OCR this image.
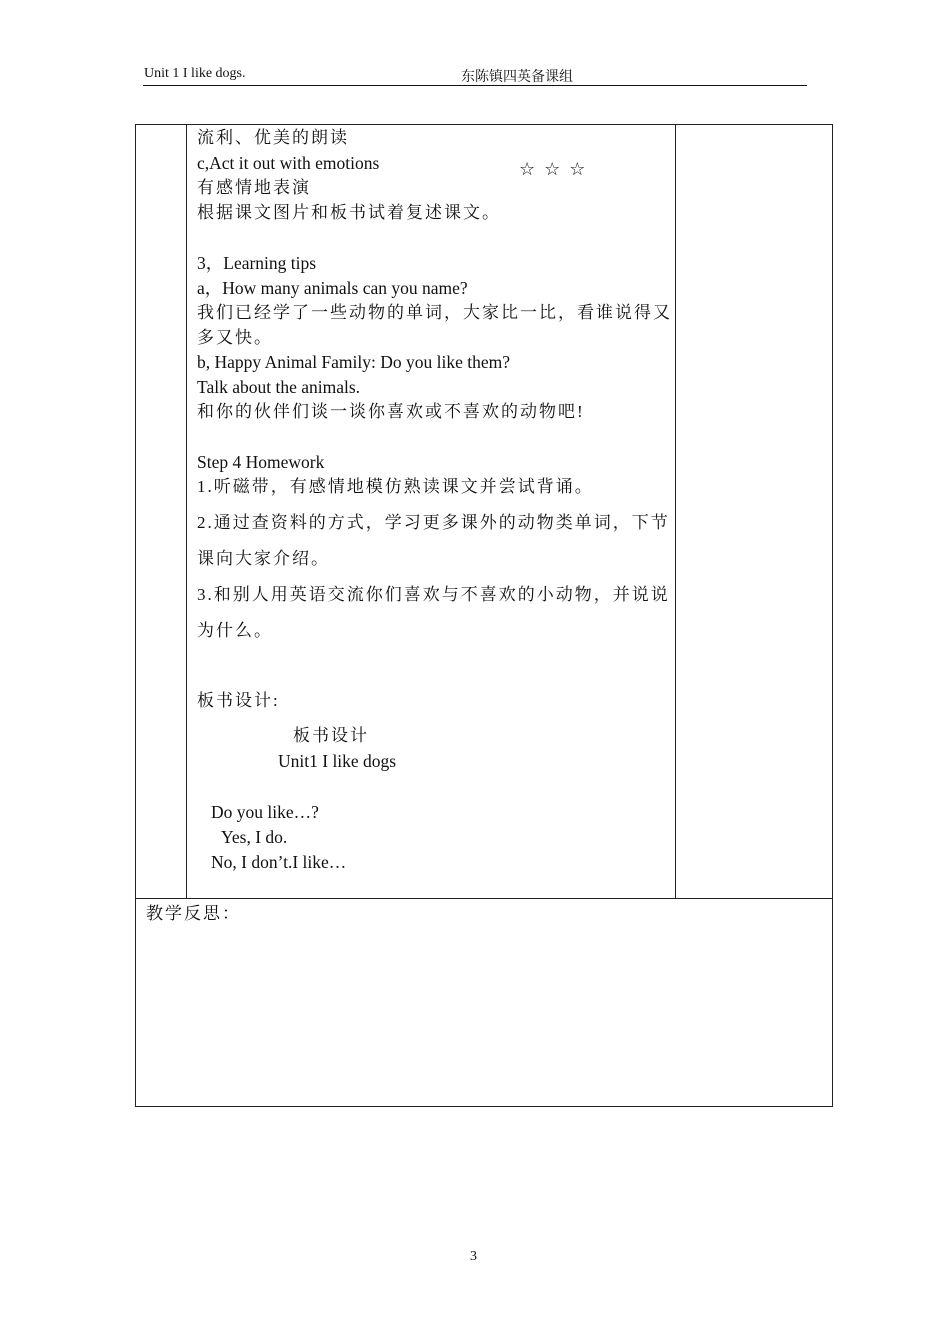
Unit 1 I like dogs.	东陈镇四英备课组
流利、优美的朗读
c,Act it out with emotions	☆☆☆
有感情地表演
根据课文图片和板书试着复述课文。
3，Learning tips
a，How many animals can you name?
我们已经学了一些动物的单词，大家比一比，看谁说得又
多又快。
b, Happy Animal Family: Do you like them?
Talk about the animals.
和你的伙伴们谈一谈你喜欢或不喜欢的动物吧!
Step 4 Homework
1.听磁带，有感情地模仿熟读课文并尝试背诵。
2.通过查资料的方式，学习更多课外的动物类单词，下节
课向大家介绍。
3.和别人用英语交流你们喜欢与不喜欢的小动物，并说说
为什么。
板书设计:
板书设计
Unit1 I like dogs
Do you like…?
Yes, I do.
No, I don’t.I like…
教学反思：
3
